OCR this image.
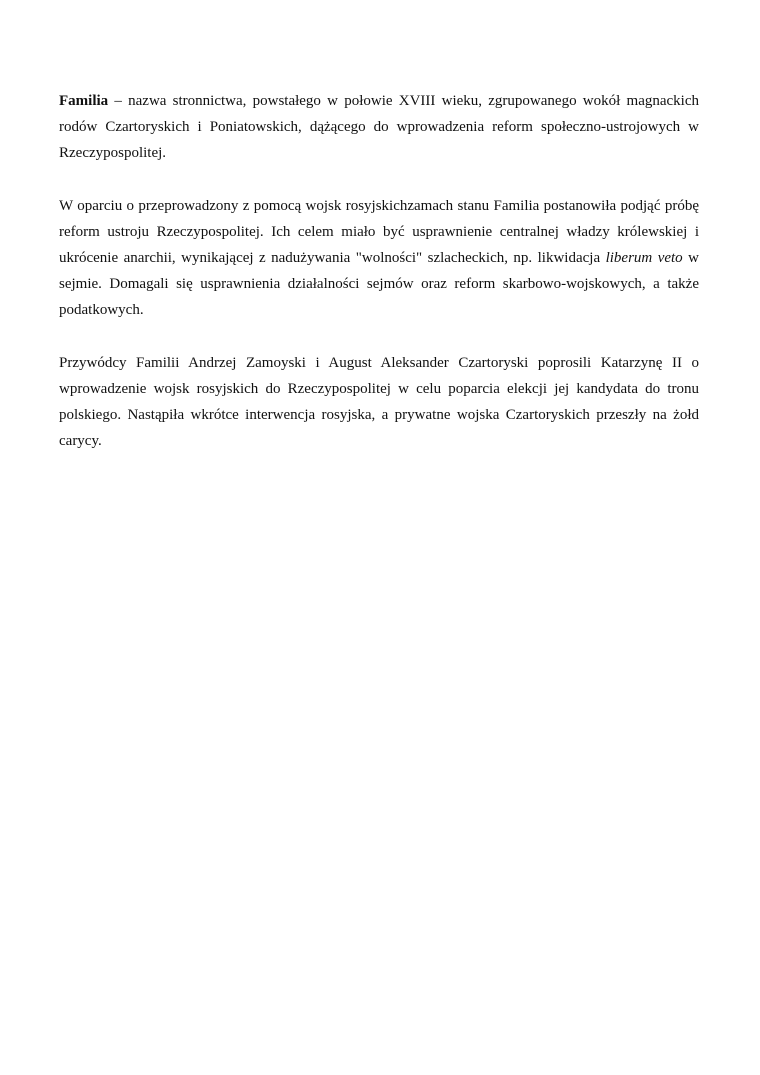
Familia – nazwa stronnictwa, powstałego w połowie XVIII wieku, zgrupowanego wokół magnackich rodów Czartoryskich i Poniatowskich, dążącego do wprowadzenia reform społeczno-ustrojowych w Rzeczypospolitej.

W oparciu o przeprowadzony z pomocą wojsk rosyjskichzamach stanu Familia postanowiła podjąć próbę reform ustroju Rzeczypospolitej. Ich celem miało być usprawnienie centralnej władzy królewskiej i ukrócenie anarchii, wynikającej z nadużywania "wolności" szlacheckich, np. likwidacja liberum veto w sejmie. Domagali się usprawnienia działalności sejmów oraz reform skarbowo-wojskowych, a także podatkowych.

Przywódcy Familii Andrzej Zamoyski i August Aleksander Czartoryski poprosili Katarzynę II o wprowadzenie wojsk rosyjskich do Rzeczypospolitej w celu poparcia elekcji jej kandydata do tronu polskiego. Nastąpiła wkrótce interwencja rosyjska, a prywatne wojska Czartoryskich przeszły na żołd carycy.
